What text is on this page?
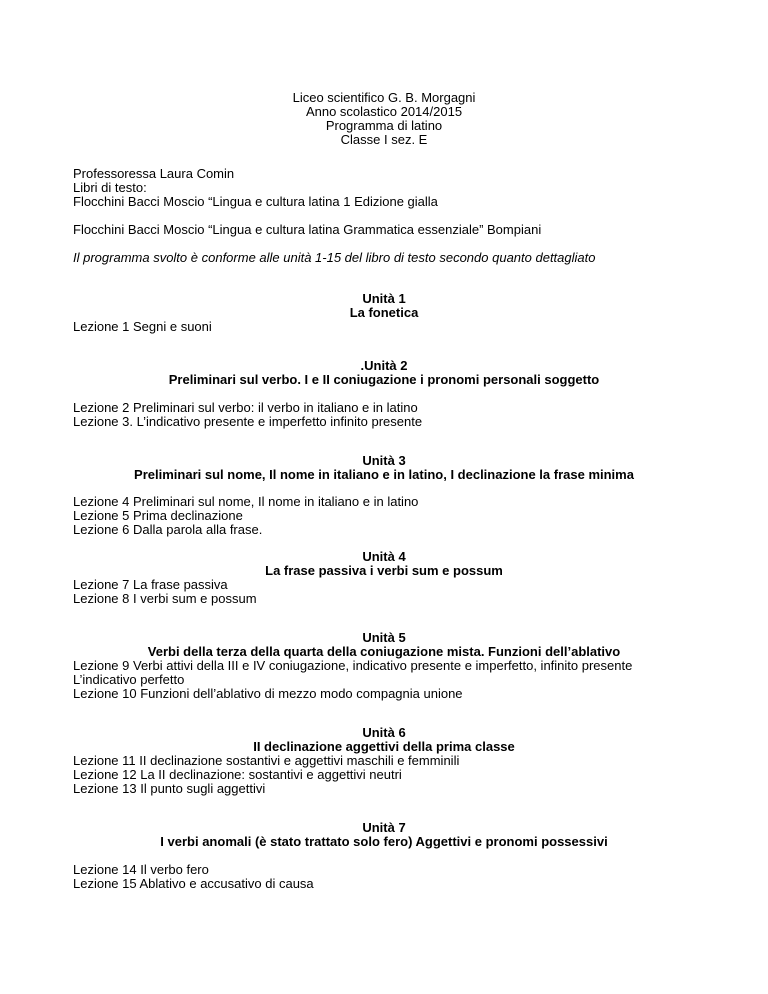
Liceo scientifico G. B. Morgagni
Anno scolastico 2014/2015
Programma di latino
Classe I sez. E
Professoressa Laura Comin
Libri di testo:
Flocchini Bacci Moscio “Lingua e cultura latina 1 Edizione gialla
Flocchini Bacci Moscio “Lingua e cultura latina Grammatica essenziale” Bompiani
Il programma svolto è conforme alle unità 1-15 del libro di testo secondo quanto dettagliato
Unità 1
La fonetica
Lezione 1 Segni e suoni
.Unità 2
Preliminari sul verbo. I e II coniugazione i pronomi personali soggetto
Lezione 2 Preliminari sul verbo: il verbo in italiano e in latino
Lezione 3. L’indicativo presente e imperfetto infinito presente
Unità 3
Preliminari sul nome, Il nome in italiano e in latino, I declinazione la frase minima
Lezione 4 Preliminari sul nome, Il nome in italiano e in latino
Lezione 5 Prima declinazione
Lezione 6 Dalla parola alla frase.
Unità 4
La frase passiva i verbi sum e possum
Lezione 7 La frase passiva
Lezione 8 I verbi sum e possum
Unità 5
Verbi della terza della quarta della coniugazione mista. Funzioni dell’ablativo
Lezione 9 Verbi attivi della III e IV coniugazione, indicativo presente e imperfetto, infinito presente
L’indicativo perfetto
Lezione 10 Funzioni dell’ablativo di mezzo modo compagnia unione
Unità 6
II declinazione aggettivi della prima classe
Lezione 11 II declinazione sostantivi e aggettivi maschili e femminili
Lezione 12 La II declinazione: sostantivi e aggettivi neutri
Lezione 13 Il punto sugli aggettivi
Unità 7
I verbi anomali (è stato trattato solo fero) Aggettivi e pronomi possessivi
Lezione 14 Il verbo fero
Lezione 15 Ablativo e accusativo di causa
